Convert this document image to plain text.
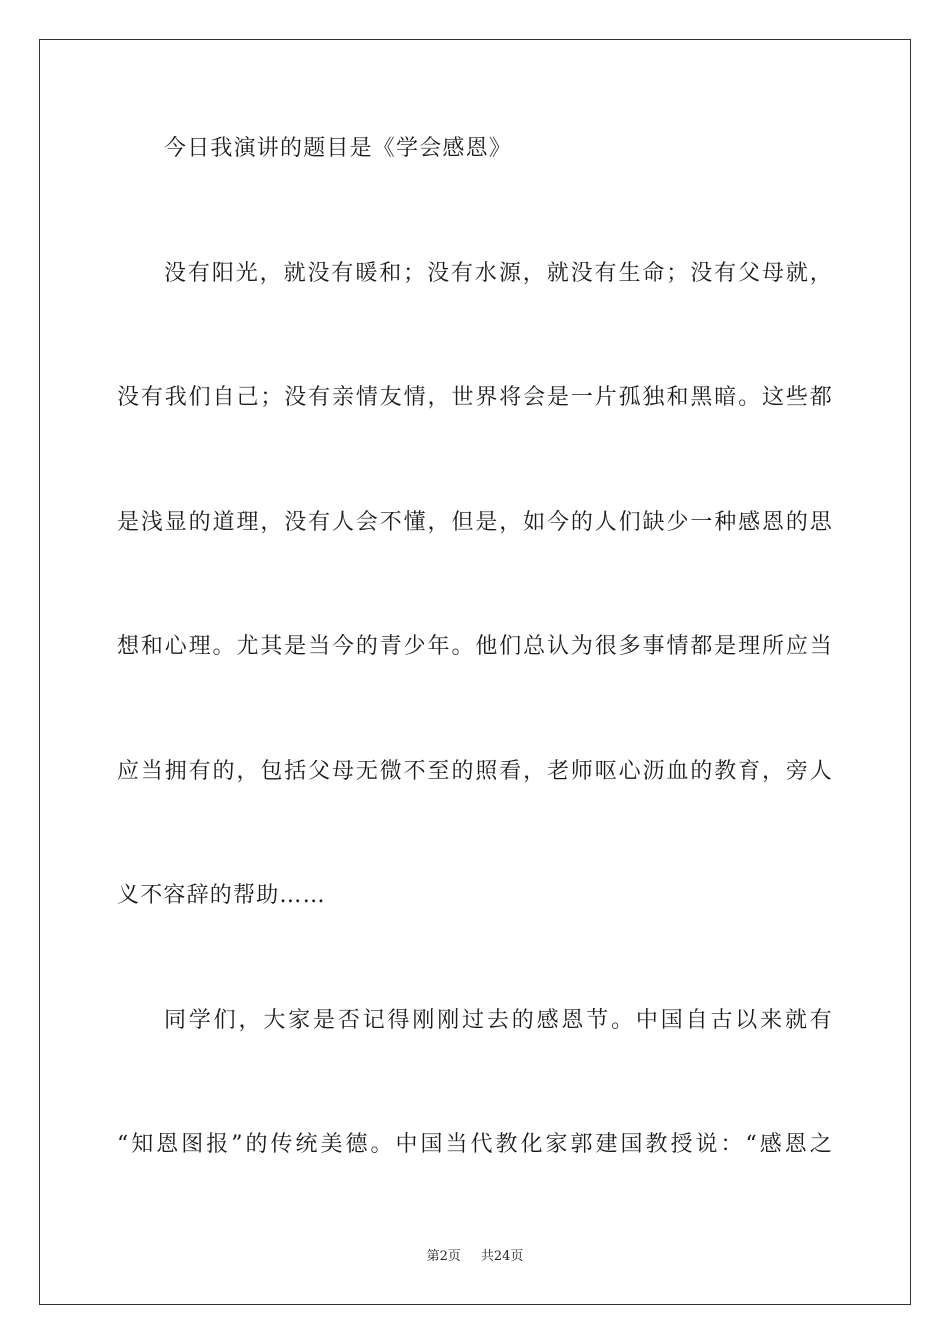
今日我演讲的题目是《学会感恩》
没有阳光，就没有暖和；没有水源，就没有生命；没有父母就，
没有我们自己；没有亲情友情，世界将会是一片孤独和黑暗。这些都
是浅显的道理，没有人会不懂，但是，如今的人们缺少一种感恩的思
想和心理。尤其是当今的青少年。他们总认为很多事情都是理所应当
应当拥有的，包括父母无微不至的照看，老师呕心沥血的教育，旁人
义不容辞的帮助……
同学们，大家是否记得刚刚过去的感恩节。中国自古以来就有
“知恩图报”的传统美德。中国当代教化家郭建国教授说：“感恩之
第2页 共24页
